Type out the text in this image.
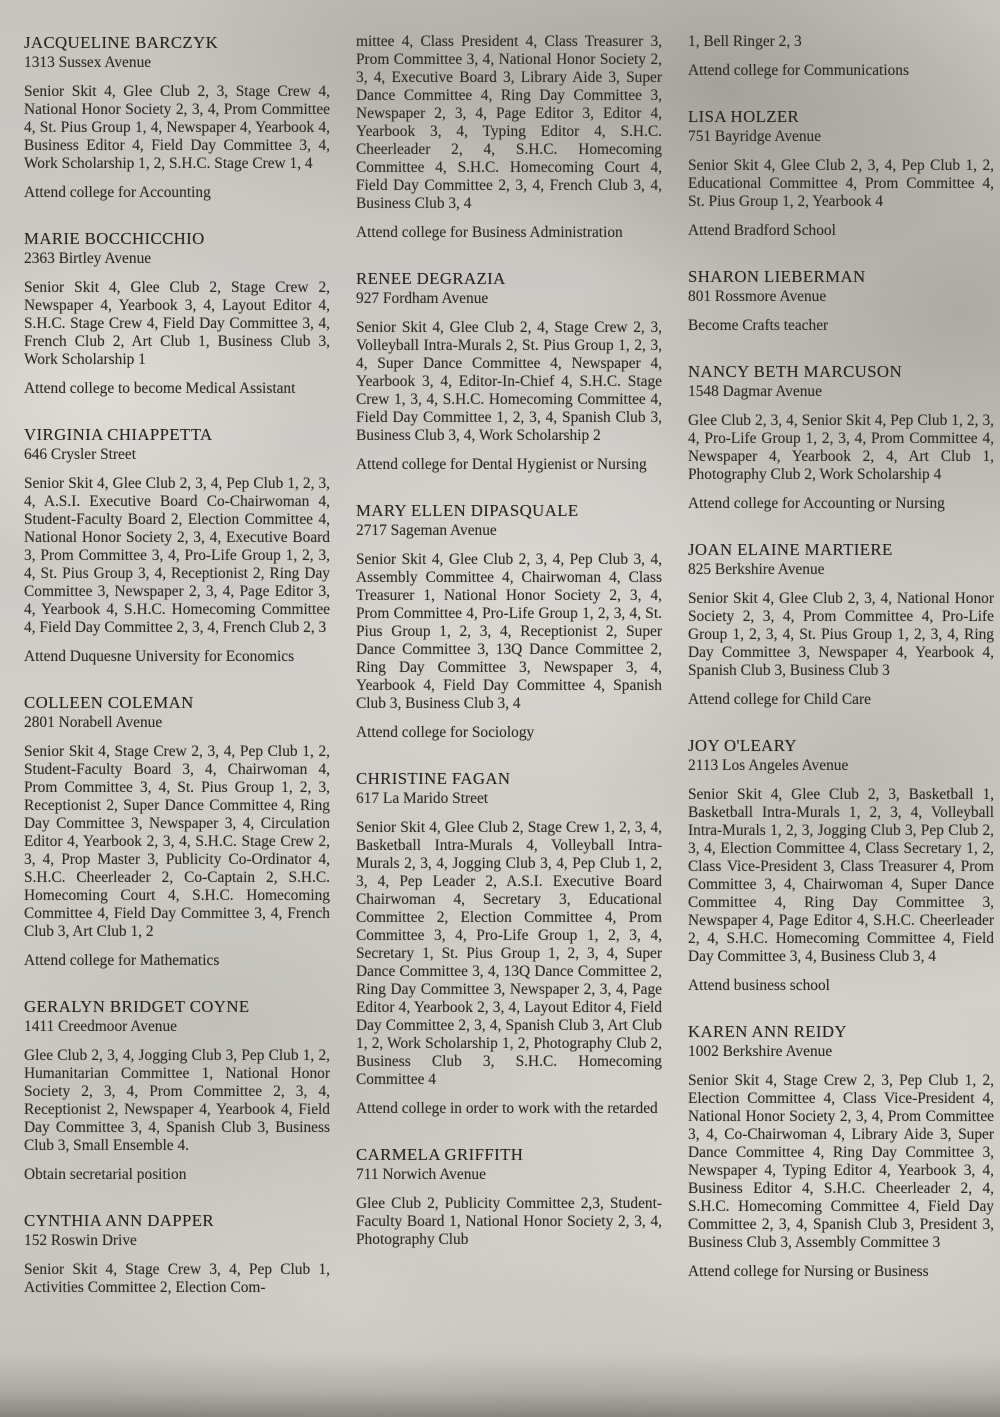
JACQUELINE BARCZYK
1313 Sussex Avenue

Senior Skit 4, Glee Club 2, 3, Stage Crew 4, National Honor Society 2, 3, 4, Prom Committee 4, St. Pius Group 1, 4, Newspaper 4, Yearbook 4, Business Editor 4, Field Day Committee 3, 4, Work Scholarship 1, 2, S.H.C. Stage Crew 1, 4

Attend college for Accounting

MARIE BOCCHICCHIO
2363 Birtley Avenue

Senior Skit 4, Glee Club 2, Stage Crew 2, Newspaper 4, Yearbook 3, 4, Layout Editor 4, S.H.C. Stage Crew 4, Field Day Committee 3, 4, French Club 2, Art Club 1, Business Club 3, Work Scholarship 1

Attend college to become Medical Assistant

VIRGINIA CHIAPPETTA
646 Crysler Street

Senior Skit 4, Glee Club 2, 3, 4, Pep Club 1, 2, 3, 4, A.S.I. Executive Board Co-Chairwoman 4, Student-Faculty Board 2, Election Committee 4, National Honor Society 2, 3, 4, Executive Board 3, Prom Committee 3, 4, Pro-Life Group 1, 2, 3, 4, St. Pius Group 3, 4, Receptionist 2, Ring Day Committee 3, Newspaper 2, 3, 4, Page Editor 3, 4, Yearbook 4, S.H.C. Homecoming Committee 4, Field Day Committee 2, 3, 4, French Club 2, 3

Attend Duquesne University for Economics

COLLEEN COLEMAN
2801 Norabell Avenue

Senior Skit 4, Stage Crew 2, 3, 4, Pep Club 1, 2, Student-Faculty Board 3, 4, Chairwoman 4, Prom Committee 3, 4, St. Pius Group 1, 2, 3, Receptionist 2, Super Dance Committee 4, Ring Day Committee 3, Newspaper 3, 4, Circulation Editor 4, Yearbook 2, 3, 4, S.H.C. Stage Crew 2, 3, 4, Prop Master 3, Publicity Co-Ordinator 4, S.H.C. Cheerleader 2, Co-Captain 2, S.H.C. Homecoming Court 4, S.H.C. Homecoming Committee 4, Field Day Committee 3, 4, French Club 3, Art Club 1, 2

Attend college for Mathematics

GERALYN BRIDGET COYNE
1411 Creedmoor Avenue

Glee Club 2, 3, 4, Jogging Club 3, Pep Club 1, 2, Humanitarian Committee 1, National Honor Society 2, 3, 4, Prom Committee 2, 3, 4, Receptionist 2, Newspaper 4, Yearbook 4, Field Day Committee 3, 4, Spanish Club 3, Business Club 3, Small Ensemble 4.

Obtain secretarial position

CYNTHIA ANN DAPPER
152 Roswin Drive

Senior Skit 4, Stage Crew 3, 4, Pep Club 1, Activities Committee 2, Election Com-

mittee 4, Class President 4, Class Treasurer 3, Prom Committee 3, 4, National Honor Society 2, 3, 4, Executive Board 3, Library Aide 3, Super Dance Committee 4, Ring Day Committee 3, Newspaper 2, 3, 4, Page Editor 3, Editor 4, Yearbook 3, 4, Typing Editor 4, S.H.C. Cheerleader 2, 4, S.H.C. Homecoming Committee 4, S.H.C. Homecoming Court 4, Field Day Committee 2, 3, 4, French Club 3, 4, Business Club 3, 4

Attend college for Business Administration

RENEE DEGRAZIA
927 Fordham Avenue

Senior Skit 4, Glee Club 2, 4, Stage Crew 2, 3, Volleyball Intra-Murals 2, St. Pius Group 1, 2, 3, 4, Super Dance Committee 4, Newspaper 4, Yearbook 3, 4, Editor-In-Chief 4, S.H.C. Stage Crew 1, 3, 4, S.H.C. Homecoming Committee 4, Field Day Committee 1, 2, 3, 4, Spanish Club 3, Business Club 3, 4, Work Scholarship 2

Attend college for Dental Hygienist or Nursing

MARY ELLEN DIPASQUALE
2717 Sageman Avenue

Senior Skit 4, Glee Club 2, 3, 4, Pep Club 3, 4, Assembly Committee 4, Chairwoman 4, Class Treasurer 1, National Honor Society 2, 3, 4, Prom Committee 4, Pro-Life Group 1, 2, 3, 4, St. Pius Group 1, 2, 3, 4, Receptionist 2, Super Dance Committee 3, 13Q Dance Committee 2, Ring Day Committee 3, Newspaper 3, 4, Yearbook 4, Field Day Committee 4, Spanish Club 3, Business Club 3, 4

Attend college for Sociology

CHRISTINE FAGAN
617 La Marido Street

Senior Skit 4, Glee Club 2, Stage Crew 1, 2, 3, 4, Basketball Intra-Murals 4, Volleyball Intra-Murals 2, 3, 4, Jogging Club 3, 4, Pep Club 1, 2, 3, 4, Pep Leader 2, A.S.I. Executive Board Chairwoman 4, Secretary 3, Educational Committee 2, Election Committee 4, Prom Committee 3, 4, Pro-Life Group 1, 2, 3, 4, Secretary 1, St. Pius Group 1, 2, 3, 4, Super Dance Committee 3, 4, 13Q Dance Committee 2, Ring Day Committee 3, Newspaper 2, 3, 4, Page Editor 4, Yearbook 2, 3, 4, Layout Editor 4, Field Day Committee 2, 3, 4, Spanish Club 3, Art Club 1, 2, Work Scholarship 1, 2, Photography Club 2, Business Club 3, S.H.C. Homecoming Committee 4

Attend college in order to work with the retarded

CARMELA GRIFFITH
711 Norwich Avenue

Glee Club 2, Publicity Committee 2,3, Student-Faculty Board 1, National Honor Society 2, 3, 4, Photography Club

1, Bell Ringer 2, 3

Attend college for Communications

LISA HOLZER
751 Bayridge Avenue

Senior Skit 4, Glee Club 2, 3, 4, Pep Club 1, 2, Educational Committee 4, Prom Committee 4, St. Pius Group 1, 2, Yearbook 4

Attend Bradford School

SHARON LIEBERMAN
801 Rossmore Avenue

Become Crafts teacher

NANCY BETH MARCUSON
1548 Dagmar Avenue

Glee Club 2, 3, 4, Senior Skit 4, Pep Club 1, 2, 3, 4, Pro-Life Group 1, 2, 3, 4, Prom Committee 4, Newspaper 4, Yearbook 2, 4, Art Club 1, Photography Club 2, Work Scholarship 4

Attend college for Accounting or Nursing

JOAN ELAINE MARTIERE
825 Berkshire Avenue

Senior Skit 4, Glee Club 2, 3, 4, National Honor Society 2, 3, 4, Prom Committee 4, Pro-Life Group 1, 2, 3, 4, St. Pius Group 1, 2, 3, 4, Ring Day Committee 3, Newspaper 4, Yearbook 4, Spanish Club 3, Business Club 3

Attend college for Child Care

JOY O'LEARY
2113 Los Angeles Avenue

Senior Skit 4, Glee Club 2, 3, Basketball 1, Basketball Intra-Murals 1, 2, 3, 4, Volleyball Intra-Murals 1, 2, 3, Jogging Club 3, Pep Club 2, 3, 4, Election Committee 4, Class Secretary 1, 2, Class Vice-President 3, Class Treasurer 4, Prom Committee 3, 4, Chairwoman 4, Super Dance Committee 4, Ring Day Committee 3, Newspaper 4, Page Editor 4, S.H.C. Cheerleader 2, 4, S.H.C. Homecoming Committee 4, Field Day Committee 3, 4, Business Club 3, 4

Attend business school

KAREN ANN REIDY
1002 Berkshire Avenue

Senior Skit 4, Stage Crew 2, 3, Pep Club 1, 2, Election Committee 4, Class Vice-President 4, National Honor Society 2, 3, 4, Prom Committee 3, 4, Co-Chairwoman 4, Library Aide 3, Super Dance Committee 4, Ring Day Committee 3, Newspaper 4, Typing Editor 4, Yearbook 3, 4, Business Editor 4, S.H.C. Cheerleader 2, 4, S.H.C. Homecoming Committee 4, Field Day Committee 2, 3, 4, Spanish Club 3, President 3, Business Club 3, Assembly Committee 3

Attend college for Nursing or Business
